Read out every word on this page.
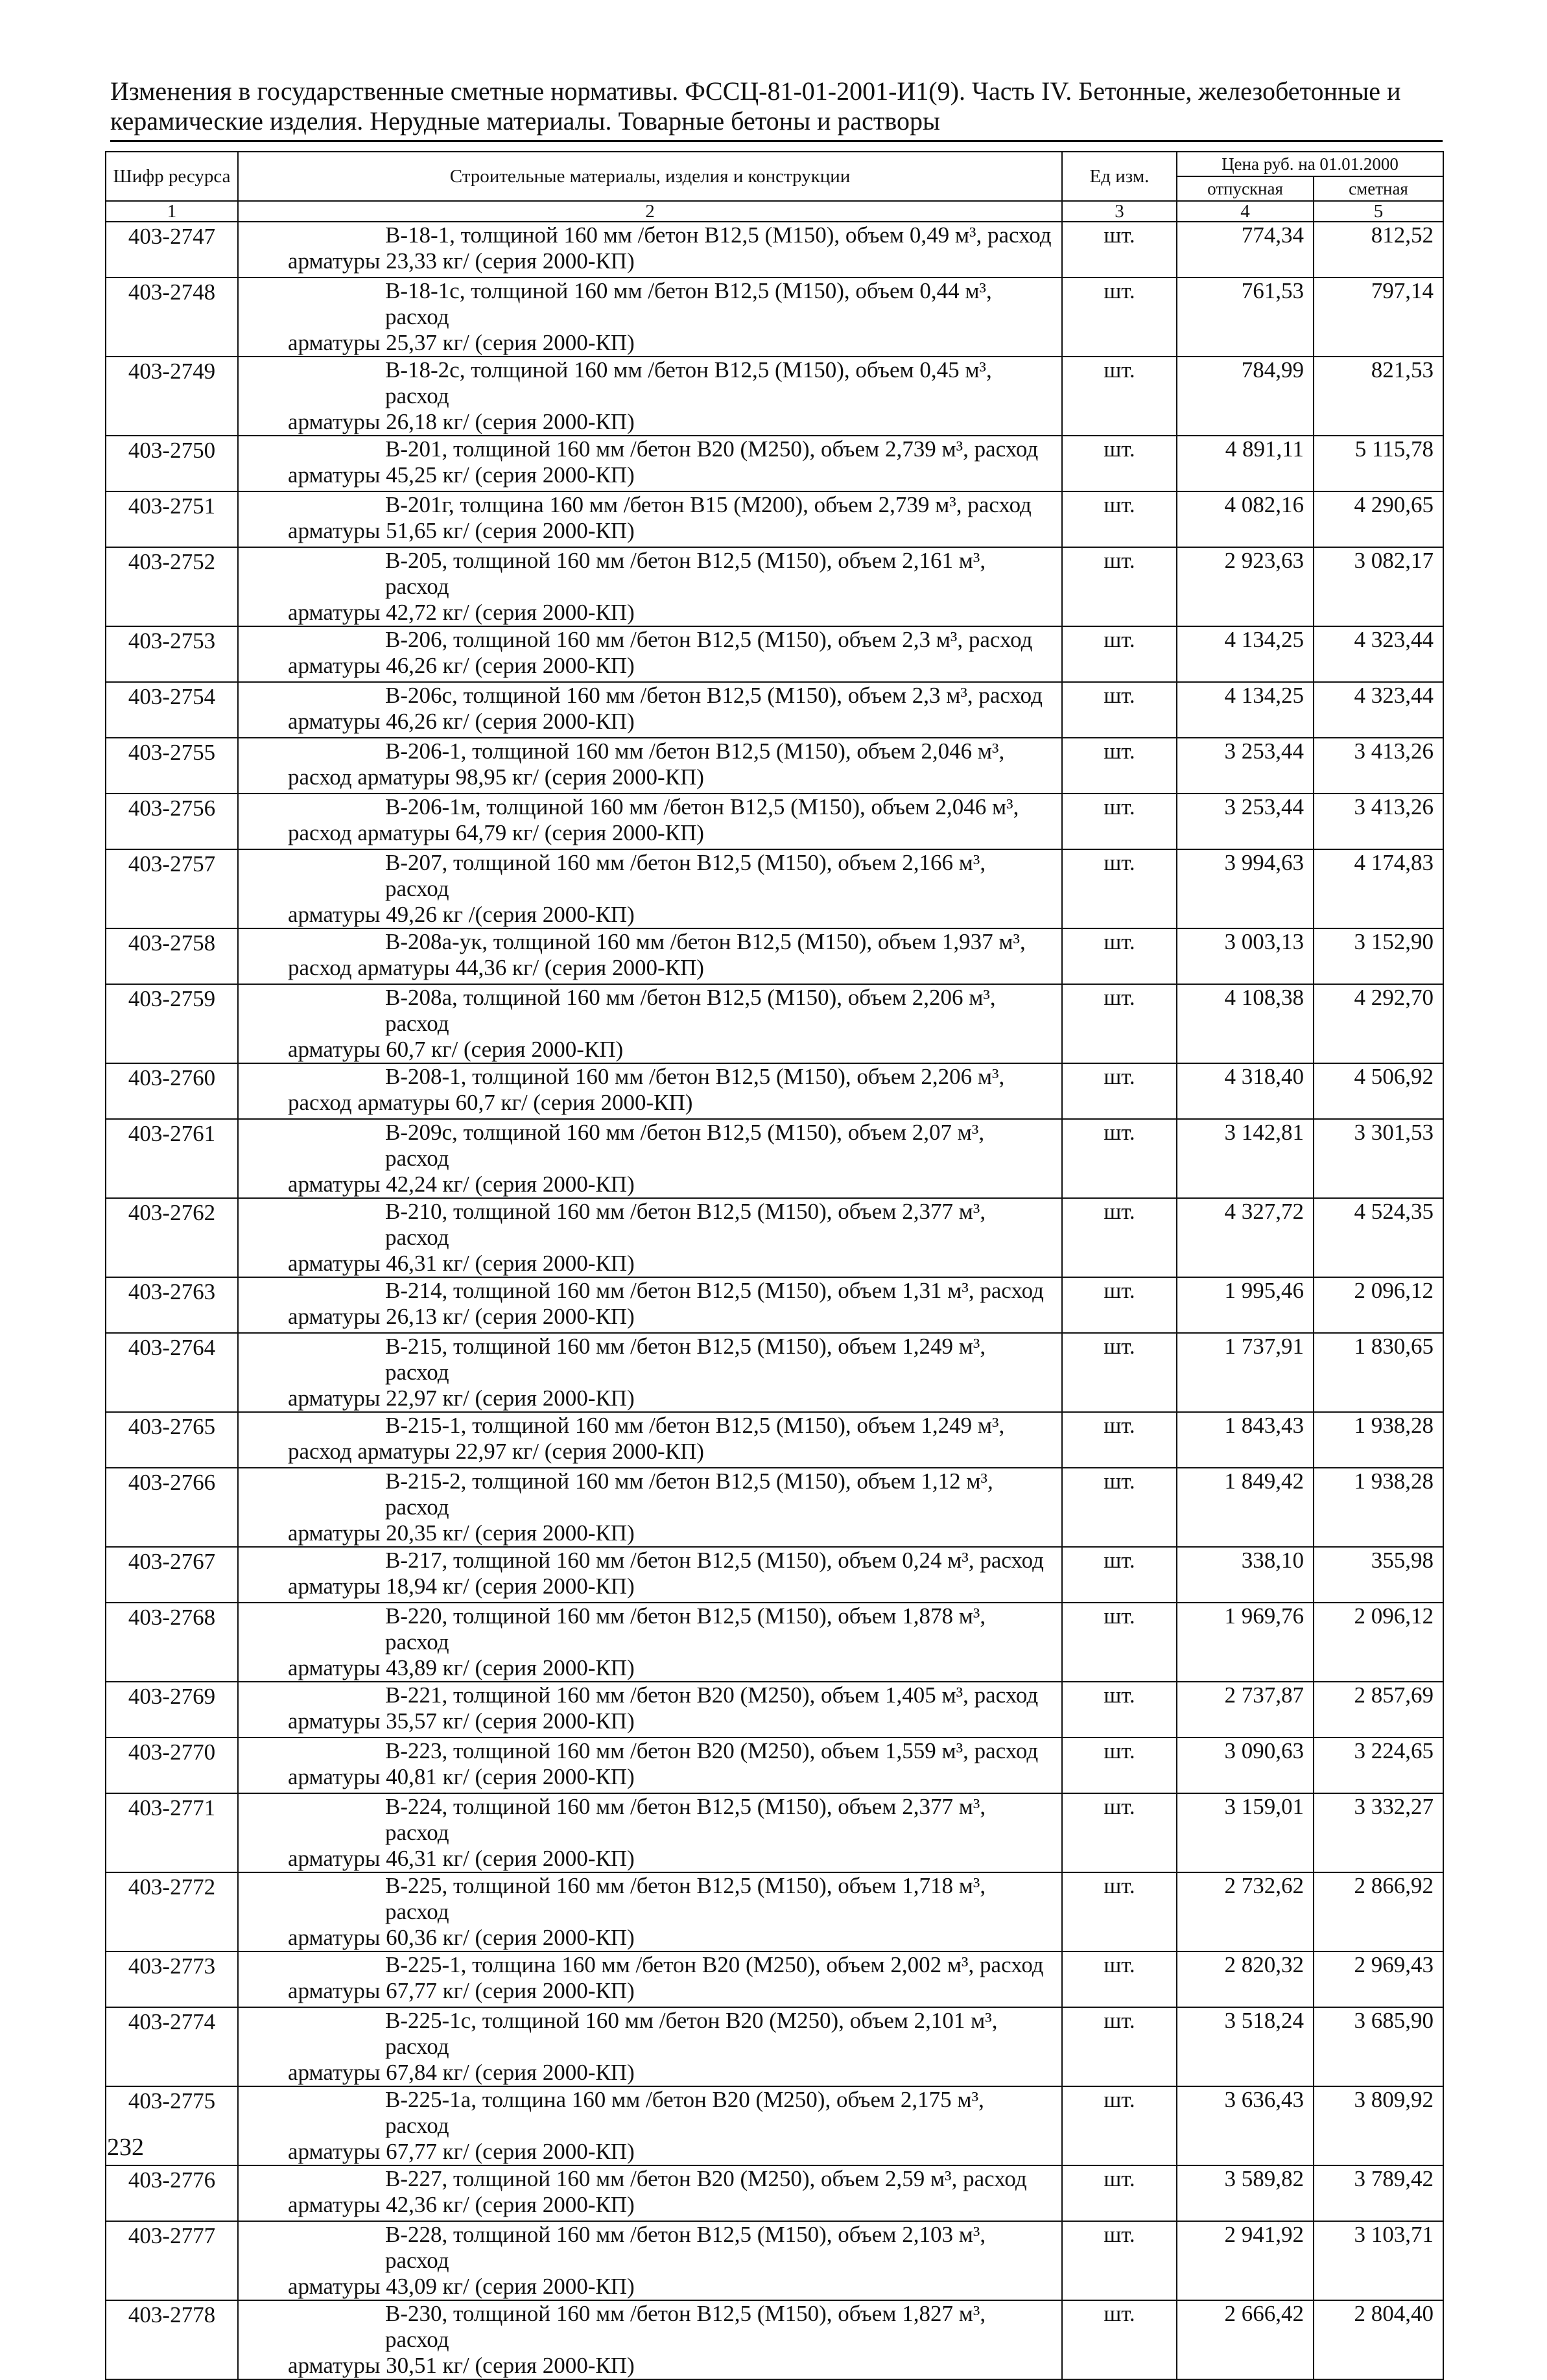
Изменения в государственные сметные нормативы. ФССЦ-81-01-2001-И1(9). Часть IV. Бетонные, железобетонные и керамические изделия. Нерудные материалы. Товарные бетоны и растворы
Шифр ресурса	Строительные материалы, изделия и конструкции	Ед изм.	Цена руб. на 01.01.2000	
			отпускная	сметная
1	2	3	4	5
403-2747	В-18-1, толщиной 160 мм /бетон В12,5 (М150), объем 0,49 м³, расход
арматуры 23,33 кг/ (серия 2000-КП)	шт.	774,34	812,52
403-2748	В-18-1с, толщиной 160 мм /бетон В12,5 (М150), объем 0,44 м³, расход
арматуры 25,37 кг/ (серия 2000-КП)	шт.	761,53	797,14
403-2749	В-18-2с, толщиной 160 мм /бетон В12,5 (М150), объем 0,45 м³, расход
арматуры 26,18 кг/ (серия 2000-КП)	шт.	784,99	821,53
403-2750	В-201, толщиной 160 мм /бетон В20 (М250), объем 2,739 м³, расход
арматуры 45,25 кг/ (серия 2000-КП)	шт.	4 891,11	5 115,78
403-2751	В-201г, толщина 160 мм /бетон В15 (М200), объем 2,739 м³, расход
арматуры 51,65 кг/ (серия 2000-КП)	шт.	4 082,16	4 290,65
403-2752	В-205, толщиной 160 мм /бетон В12,5 (М150), объем 2,161 м³, расход
арматуры 42,72 кг/ (серия 2000-КП)	шт.	2 923,63	3 082,17
403-2753	В-206, толщиной 160 мм /бетон В12,5 (М150), объем 2,3 м³, расход
арматуры 46,26 кг/ (серия 2000-КП)	шт.	4 134,25	4 323,44
403-2754	В-206с, толщиной 160 мм /бетон В12,5 (М150), объем 2,3 м³, расход
арматуры 46,26 кг/ (серия 2000-КП)	шт.	4 134,25	4 323,44
403-2755	В-206-1, толщиной 160 мм /бетон В12,5 (М150), объем 2,046 м³,
расход арматуры 98,95 кг/ (серия 2000-КП)	шт.	3 253,44	3 413,26
403-2756	В-206-1м, толщиной 160 мм /бетон В12,5 (М150), объем 2,046 м³,
расход арматуры 64,79 кг/ (серия 2000-КП)	шт.	3 253,44	3 413,26
403-2757	В-207, толщиной 160 мм /бетон В12,5 (М150), объем 2,166 м³, расход
арматуры 49,26 кг /(серия 2000-КП)	шт.	3 994,63	4 174,83
403-2758	В-208а-ук, толщиной 160 мм /бетон В12,5 (М150), объем 1,937 м³,
расход арматуры 44,36 кг/ (серия 2000-КП)	шт.	3 003,13	3 152,90
403-2759	В-208а, толщиной 160 мм /бетон В12,5 (М150), объем 2,206 м³, расход
арматуры 60,7 кг/ (серия 2000-КП)	шт.	4 108,38	4 292,70
403-2760	В-208-1, толщиной 160 мм /бетон В12,5 (М150), объем 2,206 м³,
расход арматуры 60,7 кг/ (серия 2000-КП)	шт.	4 318,40	4 506,92
403-2761	В-209с, толщиной 160 мм /бетон В12,5 (М150), объем 2,07 м³, расход
арматуры 42,24 кг/ (серия 2000-КП)	шт.	3 142,81	3 301,53
403-2762	В-210, толщиной 160 мм /бетон В12,5 (М150), объем 2,377 м³, расход
арматуры 46,31 кг/ (серия 2000-КП)	шт.	4 327,72	4 524,35
403-2763	В-214, толщиной 160 мм /бетон В12,5 (М150), объем 1,31 м³, расход
арматуры 26,13 кг/ (серия 2000-КП)	шт.	1 995,46	2 096,12
403-2764	В-215, толщиной 160 мм /бетон В12,5 (М150), объем 1,249 м³, расход
арматуры 22,97 кг/ (серия 2000-КП)	шт.	1 737,91	1 830,65
403-2765	В-215-1, толщиной 160 мм /бетон В12,5 (М150), объем 1,249 м³,
расход арматуры 22,97 кг/ (серия 2000-КП)	шт.	1 843,43	1 938,28
403-2766	В-215-2, толщиной 160 мм /бетон В12,5 (М150), объем 1,12 м³, расход
арматуры 20,35 кг/ (серия 2000-КП)	шт.	1 849,42	1 938,28
403-2767	В-217, толщиной 160 мм /бетон В12,5 (М150), объем 0,24 м³, расход
арматуры 18,94 кг/ (серия 2000-КП)	шт.	338,10	355,98
403-2768	В-220, толщиной 160 мм /бетон В12,5 (М150), объем 1,878 м³, расход
арматуры 43,89 кг/ (серия 2000-КП)	шт.	1 969,76	2 096,12
403-2769	В-221, толщиной 160 мм /бетон В20 (М250), объем 1,405 м³, расход
арматуры 35,57 кг/ (серия 2000-КП)	шт.	2 737,87	2 857,69
403-2770	В-223, толщиной 160 мм /бетон В20 (М250), объем 1,559 м³, расход
арматуры 40,81 кг/ (серия 2000-КП)	шт.	3 090,63	3 224,65
403-2771	В-224, толщиной 160 мм /бетон В12,5 (М150), объем 2,377 м³, расход
арматуры 46,31 кг/ (серия 2000-КП)	шт.	3 159,01	3 332,27
403-2772	В-225, толщиной 160 мм /бетон В12,5 (М150), объем 1,718 м³, расход
арматуры 60,36 кг/ (серия 2000-КП)	шт.	2 732,62	2 866,92
403-2773	В-225-1, толщина 160 мм /бетон В20 (М250), объем 2,002 м³, расход
арматуры 67,77 кг/ (серия 2000-КП)	шт.	2 820,32	2 969,43
403-2774	В-225-1с, толщиной 160 мм /бетон В20 (М250), объем 2,101 м³, расход
арматуры 67,84 кг/ (серия 2000-КП)	шт.	3 518,24	3 685,90
403-2775	В-225-1а, толщина 160 мм /бетон В20 (М250), объем 2,175 м³, расход
арматуры 67,77 кг/ (серия 2000-КП)	шт.	3 636,43	3 809,92
403-2776	В-227, толщиной 160 мм /бетон В20 (М250), объем 2,59 м³, расход
арматуры 42,36 кг/ (серия 2000-КП)	шт.	3 589,82	3 789,42
403-2777	В-228, толщиной 160 мм /бетон В12,5 (М150), объем 2,103 м³, расход
арматуры 43,09 кг/ (серия 2000-КП)	шт.	2 941,92	3 103,71
403-2778	В-230, толщиной 160 мм /бетон В12,5 (М150), объем 1,827 м³, расход
арматуры 30,51 кг/ (серия 2000-КП)	шт.	2 666,42	2 804,40

232
